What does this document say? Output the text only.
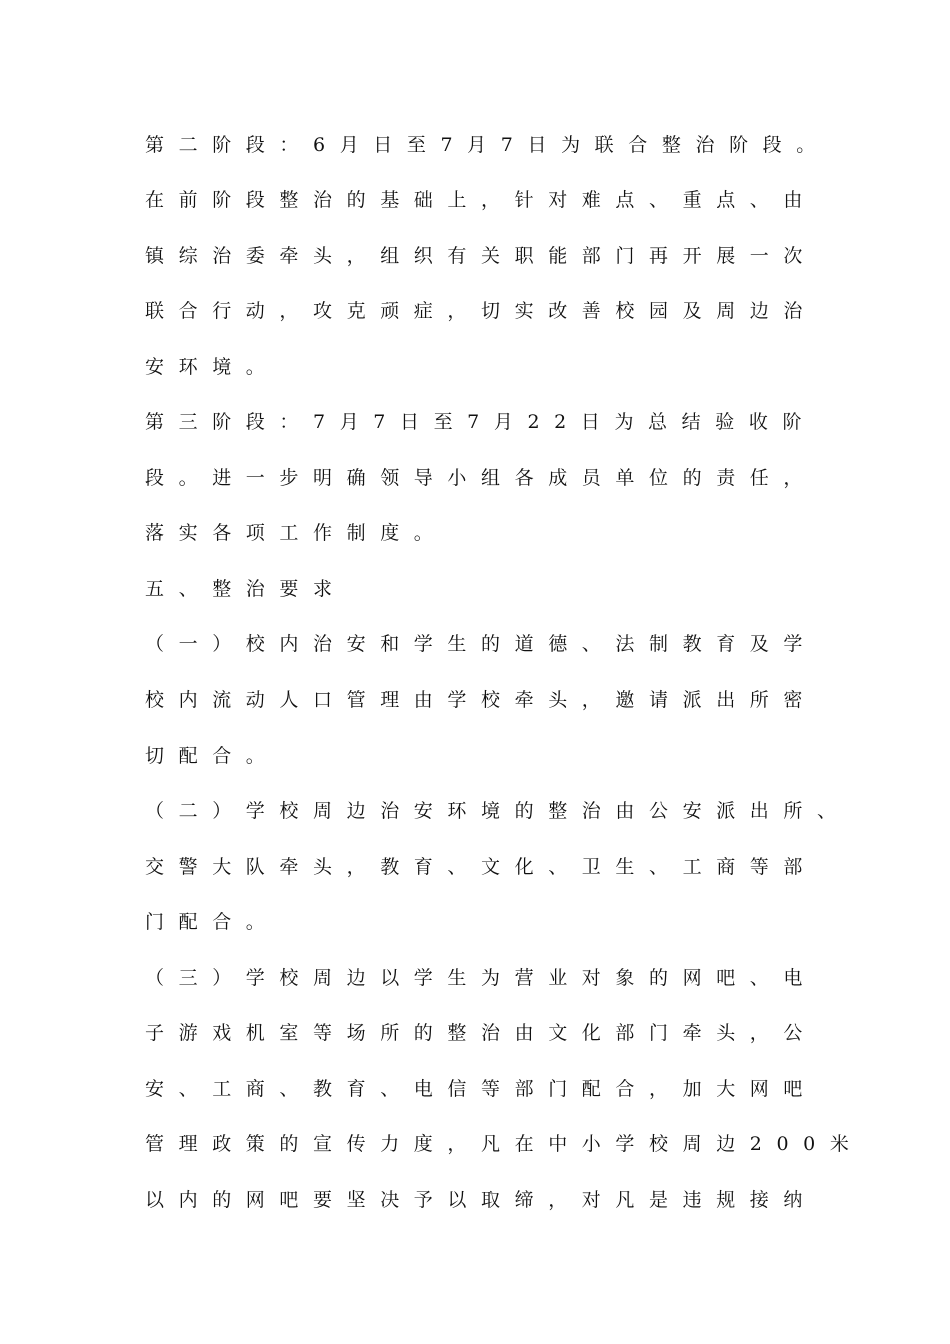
第二阶段：6月日至7月7日为联合整治阶段。
在前阶段整治的基础上，针对难点、重点、由
镇综治委牵头，组织有关职能部门再开展一次
联合行动，攻克顽症，切实改善校园及周边治
安环境。
第三阶段：7月7日至7月22日为总结验收阶
段。进一步明确领导小组各成员单位的责任，
落实各项工作制度。
五、整治要求
（一）校内治安和学生的道德、法制教育及学
校内流动人口管理由学校牵头，邀请派出所密
切配合。
（二）学校周边治安环境的整治由公安派出所、
交警大队牵头，教育、文化、卫生、工商等部
门配合。
（三）学校周边以学生为营业对象的网吧、电
子游戏机室等场所的整治由文化部门牵头，公
安、工商、教育、电信等部门配合，加大网吧
管理政策的宣传力度，凡在中小学校周边200米
以内的网吧要坚决予以取缔，对凡是违规接纳
